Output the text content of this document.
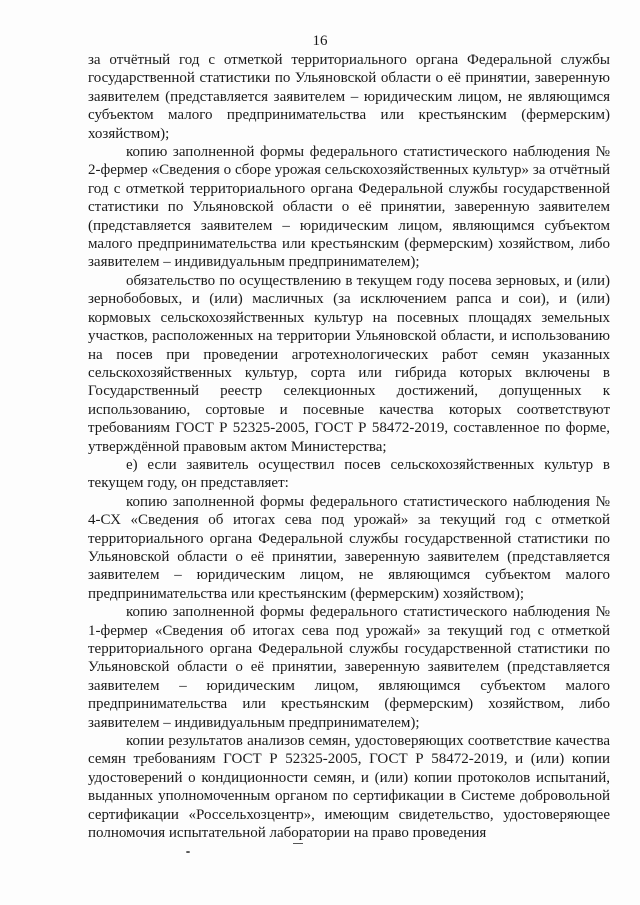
16

за отчётный год с отметкой территориального органа Федеральной службы государственной статистики по Ульяновской области о её принятии, заверенную заявителем (представляется заявителем – юридическим лицом, не являющимся субъектом малого предпринимательства или крестьянским (фермерским) хозяйством);

копию заполненной формы федерального статистического наблюдения № 2-фермер «Сведения о сборе урожая сельскохозяйственных культур» за отчётный год с отметкой территориального органа Федеральной службы государственной статистики по Ульяновской области о её принятии, заверенную заявителем (представляется заявителем – юридическим лицом, являющимся субъектом малого предпринимательства или крестьянским (фермерским) хозяйством, либо заявителем – индивидуальным предпринимателем);

обязательство по осуществлению в текущем году посева зерновых, и (или) зернобобовых, и (или) масличных (за исключением рапса и сои), и (или) кормовых сельскохозяйственных культур на посевных площадях земельных участков, расположенных на территории Ульяновской области, и использованию на посев при проведении агротехнологических работ семян указанных сельскохозяйственных культур, сорта или гибрида которых включены в Государственный реестр селекционных достижений, допущенных к использованию, сортовые и посевные качества которых соответствуют требованиям ГОСТ Р 52325-2005, ГОСТ Р 58472-2019, составленное по форме, утверждённой правовым актом Министерства;

е) если заявитель осуществил посев сельскохозяйственных культур в текущем году, он представляет:

копию заполненной формы федерального статистического наблюдения № 4-СХ «Сведения об итогах сева под урожай» за текущий год с отметкой территориального органа Федеральной службы государственной статистики по Ульяновской области о её принятии, заверенную заявителем (представляется заявителем – юридическим лицом, не являющимся субъектом малого предпринимательства или крестьянским (фермерским) хозяйством);

копию заполненной формы федерального статистического наблюдения № 1-фермер «Сведения об итогах сева под урожай» за текущий год с отметкой территориального органа Федеральной службы государственной статистики по Ульяновской области о её принятии, заверенную заявителем (представляется заявителем – юридическим лицом, являющимся субъектом малого предпринимательства или крестьянским (фермерским) хозяйством, либо заявителем – индивидуальным предпринимателем);

копии результатов анализов семян, удостоверяющих соответствие качества семян требованиям ГОСТ Р 52325-2005, ГОСТ Р 58472-2019, и (или) копии удостоверений о кондиционности семян, и (или) копии протоколов испытаний, выданных уполномоченным органом по сертификации в Системе добровольной сертификации «Россельхозцентр», имеющим свидетельство, удостоверяющее полномочия испытательной лаборатории на право проведения
